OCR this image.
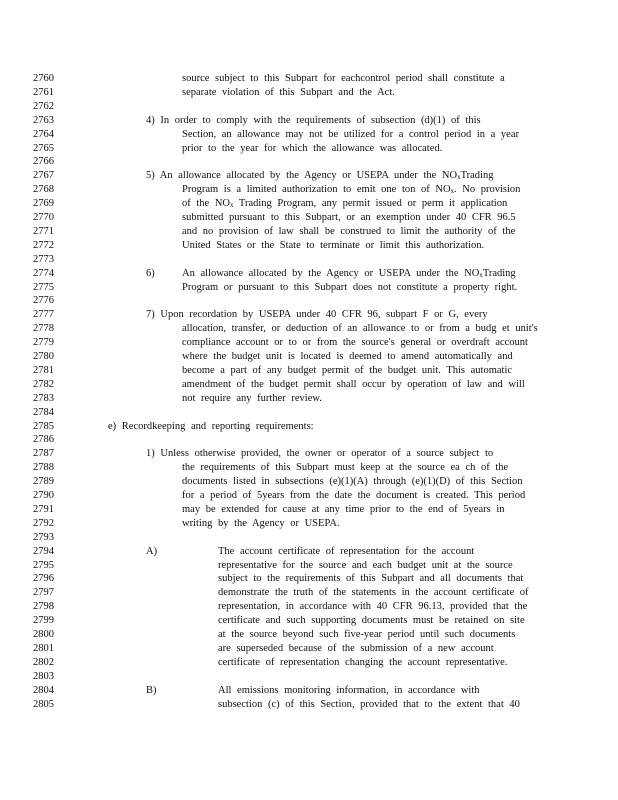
2760	source subject to this Subpart for eachcontrol period shall constitute a
2761	separate violation of this Subpart and the Act.
2762
2763	4) In order to comply with the requirements of subsection (d)(1) of this
2764	Section, an allowance may not be utilized for a control period in a year
2765	prior to the year for which the allowance was allocated.
2766
2767	5) An allowance allocated by the Agency or USEPA under the $NO_xTrading$
2768	Program is a limited authorization to emit one ton of $NO_x$. No provision
2769	of the $NO_x$ Trading Program, any permit issued or perm it application
2770	submitted pursuant to this Subpart, or an exemption under 40 CFR 96.5
2771	and no provision of law shall be construed to limit the authority of the
2772	United States or the State to terminate or limit this authorization.
2773
2774	6)	An allowance allocated by the Agency or USEPA under the $NO_xTrading$
2775	Program or pursuant to this Subpart does not constitute a property right.
2776
2777	7) Upon recordation by USEPA under 40 CFR 96, subpart F or G, every
2778	allocation, transfer, or deduction of an allowance to or from a budg et unit's
2779	compliance account or to or from the source's general or overdraft account
2780	where the budget unit is located is deemed to amend automatically and
2781	become a part of any budget permit of the budget unit. This automatic
2782	amendment of the budget permit shall occur by operation of law and will
2783	not require any further review.
2784
2785	e) Recordkeeping and reporting requirements:
2786
2787	1) Unless otherwise provided, the owner or operator of a source subject to
2788	the requirements of this Subpart must keep at the source ea ch of the
2789	documents listed in subsections (e)(1)(A) through (e)(1)(D) of this Section
2790	for a period of 5years from the date the document is created. This period
2791	may be extended for cause at any time prior to the end of 5years in
2792	writing by the Agency or USEPA.
2793
2794	A)	The account certificate of representation for the account
2795	representative for the source and each budget unit at the source
2796	subject to the requirements of this Subpart and all documents that
2797	demonstrate the truth of the statements in the account certificate of
2798	representation, in accordance with 40 CFR 96.13, provided that the
2799	certificate and such supporting documents must be retained on site
2800	at the source beyond such five-year period until such documents
2801	are superseded because of the submission of a new account
2802	certificate of representation changing the account representative.
2803
2804	B)	All emissions monitoring information, in accordance with
2805	subsection (c) of this Section, provided that to the extent that 40
